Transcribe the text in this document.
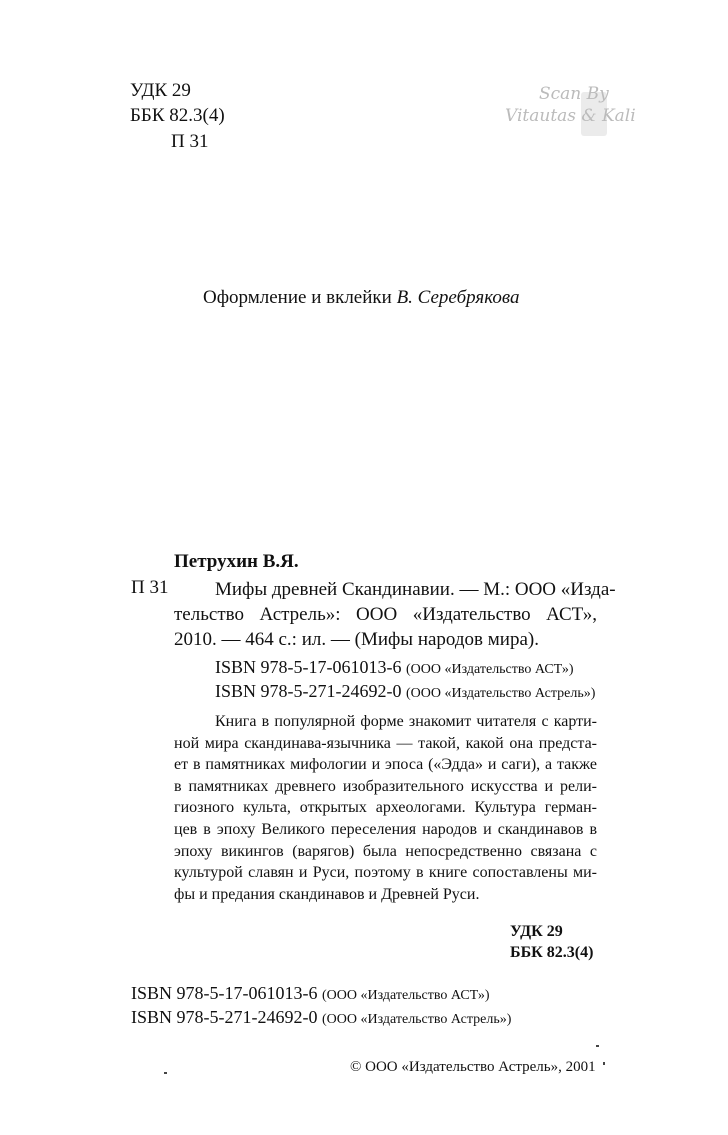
УДК 29
ББК 82.3(4)
П 31
Scan By
Vitautas & Kali
Оформление и вклейки В. Серебрякова
Петрухин В.Я.
П 31	Мифы древней Скандинавии. — М.: ООО «Изда-
тельство Астрель»: ООО «Издательство АСТ»,
2010. — 464 с.: ил. — (Мифы народов мира).
ISBN 978-5-17-061013-6 (ООО «Издательство АСТ»)
ISBN 978-5-271-24692-0 (ООО «Издательство Астрель»)
Книга в популярной форме знакомит читателя с карти-
ной мира скандинава-язычника — такой, какой она предста-
ет в памятниках мифологии и эпоса («Эдда» и саги), а также
в памятниках древнего изобразительного искусства и рели-
гиозного культа, открытых археологами. Культура герман-
цев в эпоху Великого переселения народов и скандинавов в
эпоху викингов (варягов) была непосредственно связана с
культурой славян и Руси, поэтому в книге сопоставлены ми-
фы и предания скандинавов и Древней Руси.
УДК 29
ББК 82.3(4)
ISBN 978-5-17-061013-6 (ООО «Издательство АСТ»)
ISBN 978-5-271-24692-0 (ООО «Издательство Астрель»)
© ООО «Издательство Астрель», 2001
